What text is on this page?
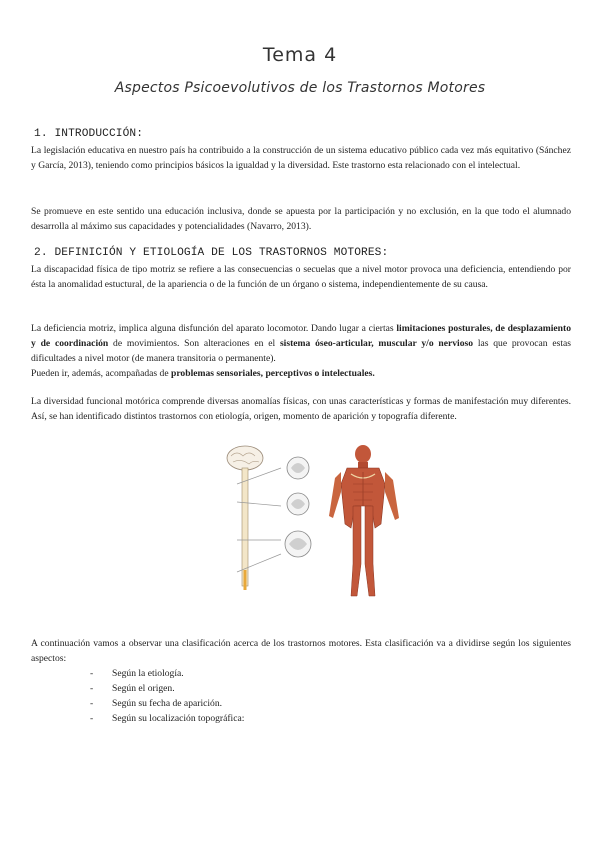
Tema 4
Aspectos Psicoevolutivos de los Trastornos Motores
1. INTRODUCCIÓN:

La legislación educativa en nuestro país ha contribuido a la construcción de un sistema educativo público cada vez más equitativo (Sánchez y García, 2013), teniendo como principios básicos la igualdad y la diversidad. Este trastorno esta relacionado con el intelectual.

Se promueve en este sentido una educación inclusiva, donde se apuesta por la participación y no exclusión, en la que todo el alumnado desarrolla al máximo sus capacidades y potencialidades (Navarro, 2013).

2. DEFINICIÓN Y ETIOLOGÍA DE LOS TRASTORNOS MOTORES:

La discapacidad física de tipo motriz se refiere a las consecuencias o secuelas que a nivel motor provoca una deficiencia, entendiendo por ésta la anomalidad estuctural, de la apariencia o de la función de un órgano o sistema, independientemente de su causa.

La deficiencia motriz, implica alguna disfunción del aparato locomotor. Dando lugar a ciertas limitaciones posturales, de desplazamiento y de coordinación de movimientos. Son alteraciones en el sistema óseo-articular, muscular y/o nervioso las que provocan estas dificultades a nivel motor (de manera transitoria o permanente).

Pueden ir, además, acompañadas de problemas sensoriales, perceptivos o intelectuales.

La diversidad funcional motórica comprende diversas anomalías físicas, con unas características y formas de manifestación muy diferentes. Así, se han identificado distintos trastornos con etiología, origen, momento de aparición y topografía diferente.

A continuación vamos a observar una clasificación acerca de los trastornos motores. Esta clasificación va a dividirse según los siguientes aspectos:

- Según la etiología.
- Según el origen.
- Según su fecha de aparición.
- Según su localización topográfica:
